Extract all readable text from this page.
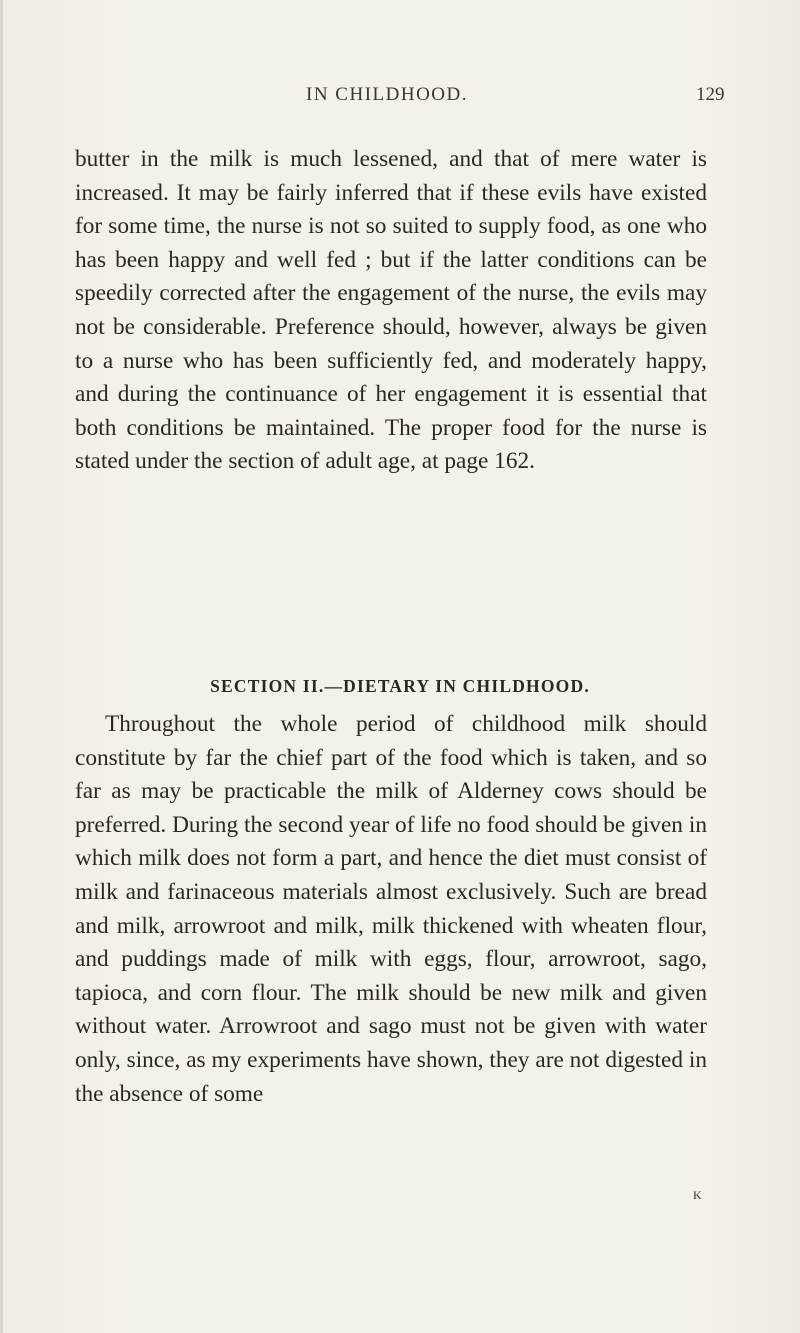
IN CHILDHOOD.	129

butter in the milk is much lessened, and that of mere water is increased. It may be fairly inferred that if these evils have existed for some time, the nurse is not so suited to supply food, as one who has been happy and well fed ; but if the latter conditions can be speedily corrected after the engagement of the nurse, the evils may not be considerable. Preference should, however, always be given to a nurse who has been sufficiently fed, and moderately happy, and during the continuance of her engagement it is essential that both conditions be maintained. The proper food for the nurse is stated under the section of adult age, at page 162.

SECTION II.—DIETARY IN CHILDHOOD.

Throughout the whole period of childhood milk should constitute by far the chief part of the food which is taken, and so far as may be practicable the milk of Alderney cows should be preferred. During the second year of life no food should be given in which milk does not form a part, and hence the diet must consist of milk and farinaceous materials almost exclusively. Such are bread and milk, arrowroot and milk, milk thickened with wheaten flour, and puddings made of milk with eggs, flour, arrowroot, sago, tapioca, and corn flour. The milk should be new milk and given without water. Arrowroot and sago must not be given with water only, since, as my experiments have shown, they are not digested in the absence of some

K
